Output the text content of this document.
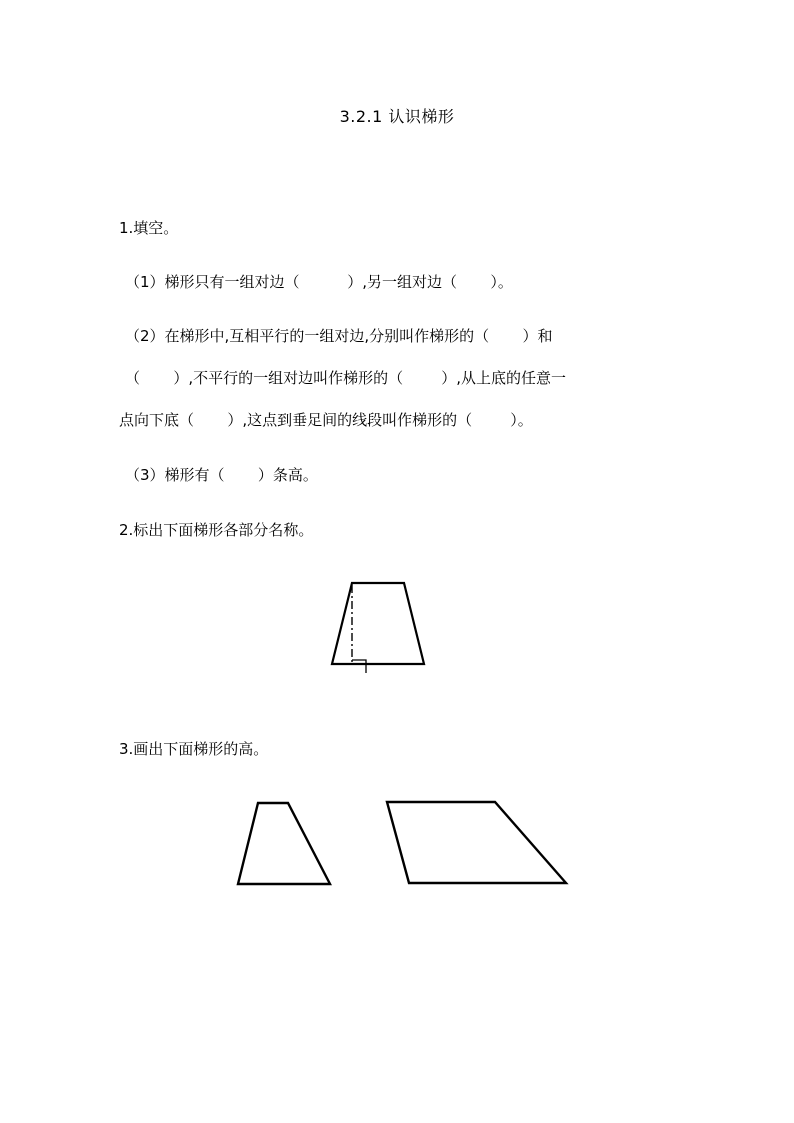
3.2.1 认识梯形
1.填空。
（1）梯形只有一组对边（          ）,另一组对边（       ）。
（2）在梯形中,互相平行的一组对边,分别叫作梯形的（       ）和
（       ）,不平行的一组对边叫作梯形的（        ）,从上底的任意一
点向下底（       ）,这点到垂足间的线段叫作梯形的（        ）。
（3）梯形有（       ）条高。
2.标出下面梯形各部分名称。
3.画出下面梯形的高。
